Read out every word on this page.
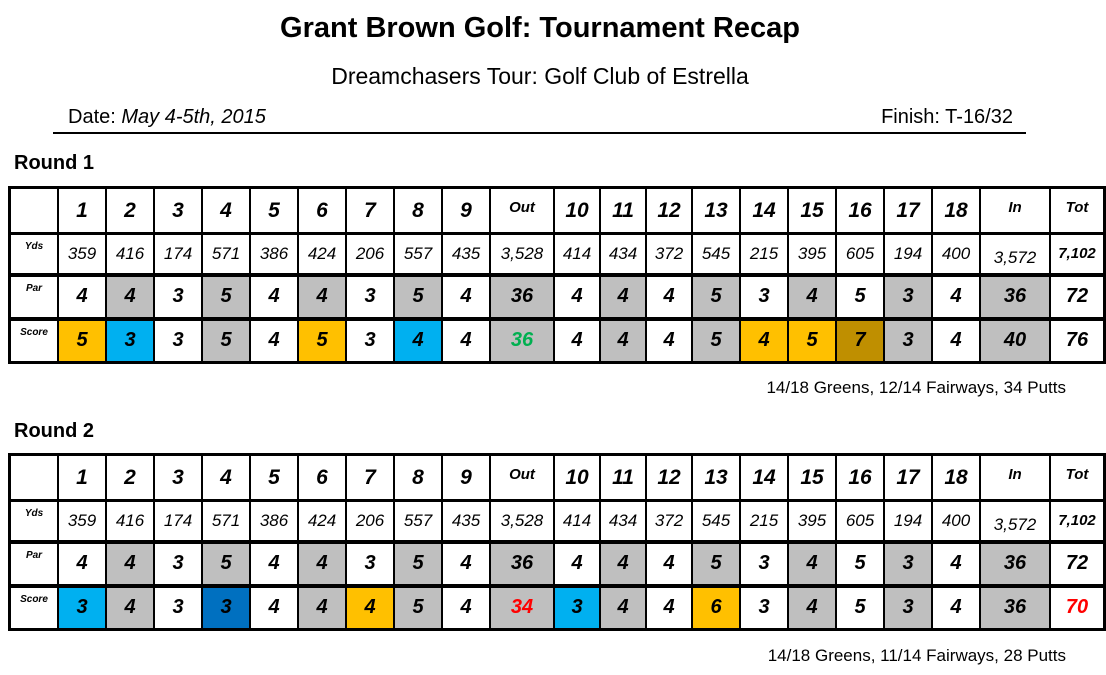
Grant Brown Golf: Tournament Recap
Dreamchasers Tour: Golf Club of Estrella
Date: May 4-5th, 2015	Finish: T-16/32
Round 1
	1	2	3	4	5	6	7	8	9	Out	10	11	12	13	14	15	16	17	18	In	Tot
Yds	359	416	174	571	386	424	206	557	435	3,528	414	434	372	545	215	395	605	194	400	3,572	7,102
Par	4	4	3	5	4	4	3	5	4	36	4	4	4	5	3	4	5	3	4	36	72
Score	5	3	3	5	4	5	3	4	4	36	4	4	4	5	4	5	7	3	4	40	76
14/18 Greens, 12/14 Fairways, 34 Putts
Round 2
	1	2	3	4	5	6	7	8	9	Out	10	11	12	13	14	15	16	17	18	In	Tot
Yds	359	416	174	571	386	424	206	557	435	3,528	414	434	372	545	215	395	605	194	400	3,572	7,102
Par	4	4	3	5	4	4	3	5	4	36	4	4	4	5	3	4	5	3	4	36	72
Score	3	4	3	3	4	4	4	5	4	34	3	4	4	6	3	4	5	3	4	36	70
14/18 Greens, 11/14 Fairways, 28 Putts
